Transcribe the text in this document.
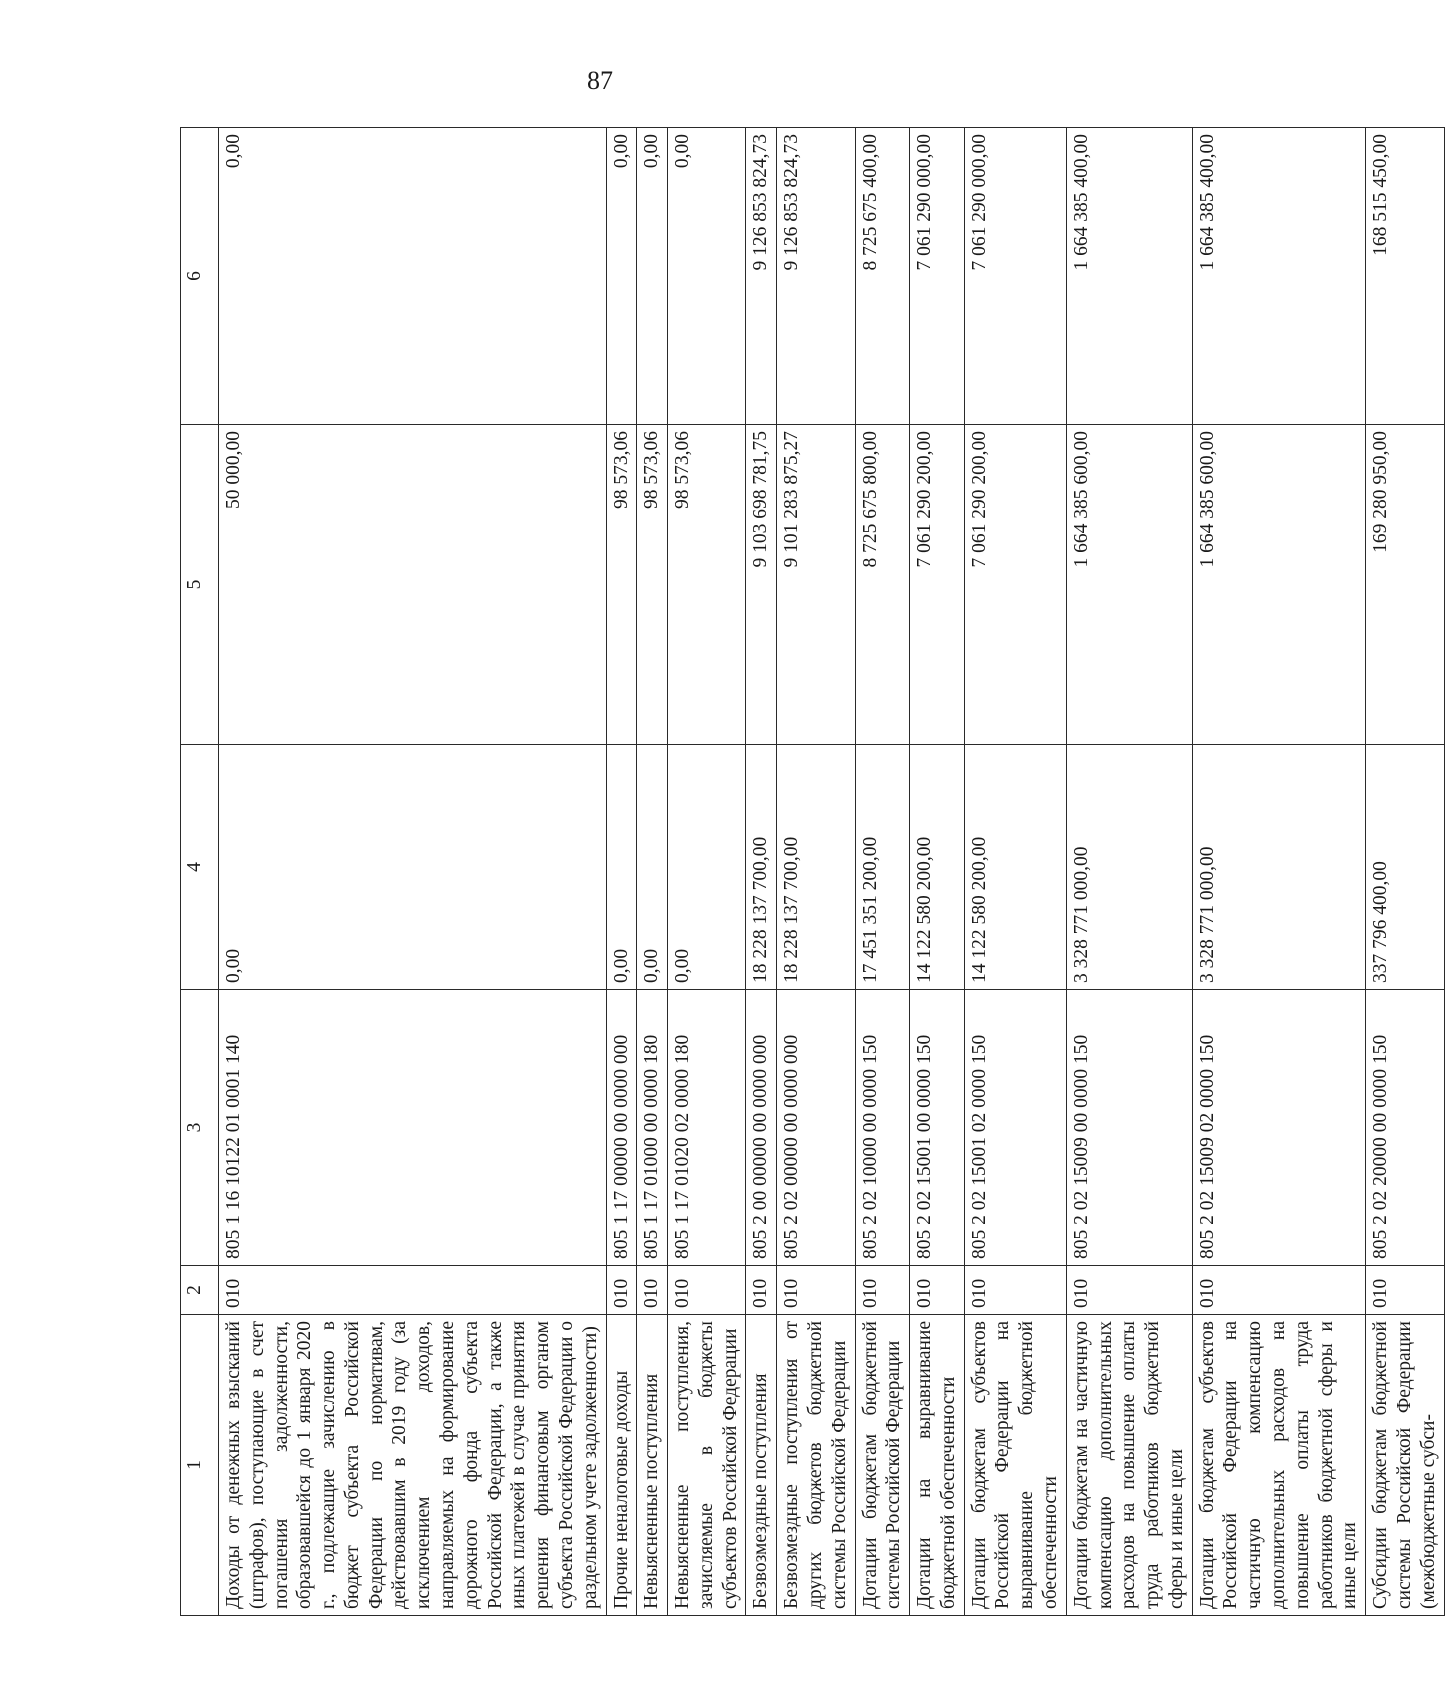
87
1	2	3	4	5	6
Доходы от денежных взысканий (штрафов), поступающие в счет погашения задолженности, образовавшейся до 1 января 2020 г., подлежащие зачислению в бюджет субъекта Российской Федерации по нормативам, действовавшим в 2019 году (за исключением доходов, направляемых на формирование дорожного фонда субъекта Российской Федерации, а также иных платежей в случае принятия решения финансовым органом субъекта Российской Федерации о раздельном учете задолженности)	010	805 1 16 10122 01 0001 140	0,00	50 000,00	0,00
Прочие неналоговые доходы	010	805 1 17 00000 00 0000 000	0,00	98 573,06	0,00
Невыясненные поступления	010	805 1 17 01000 00 0000 180	0,00	98 573,06	0,00
Невыясненные поступления, зачисляемые в бюджеты субъектов Российской Федерации	010	805 1 17 01020 02 0000 180	0,00	98 573,06	0,00
Безвозмездные поступления	010	805 2 00 00000 00 0000 000	18 228 137 700,00	9 103 698 781,75	9 126 853 824,73
Безвозмездные поступления от других бюджетов бюджетной системы Российской Федерации	010	805 2 02 00000 00 0000 000	18 228 137 700,00	9 101 283 875,27	9 126 853 824,73
Дотации бюджетам бюджетной системы Российской Федерации	010	805 2 02 10000 00 0000 150	17 451 351 200,00	8 725 675 800,00	8 725 675 400,00
Дотации на выравнивание бюджетной обеспеченности	010	805 2 02 15001 00 0000 150	14 122 580 200,00	7 061 290 200,00	7 061 290 000,00
Дотации бюджетам субъектов Российской Федерации на выравнивание бюджетной обеспеченности	010	805 2 02 15001 02 0000 150	14 122 580 200,00	7 061 290 200,00	7 061 290 000,00
Дотации бюджетам на частичную компенсацию дополнительных расходов на повышение оплаты труда работников бюджетной сферы и иные цели	010	805 2 02 15009 00 0000 150	3 328 771 000,00	1 664 385 600,00	1 664 385 400,00
Дотации бюджетам субъектов Российской Федерации на частичную компенсацию дополнительных расходов на повышение оплаты труда работников бюджетной сферы и иные цели	010	805 2 02 15009 02 0000 150	3 328 771 000,00	1 664 385 600,00	1 664 385 400,00
Субсидии бюджетам бюджетной системы Российской Федерации (межбюджетные субси-	010	805 2 02 20000 00 0000 150	337 796 400,00	169 280 950,00	168 515 450,00
